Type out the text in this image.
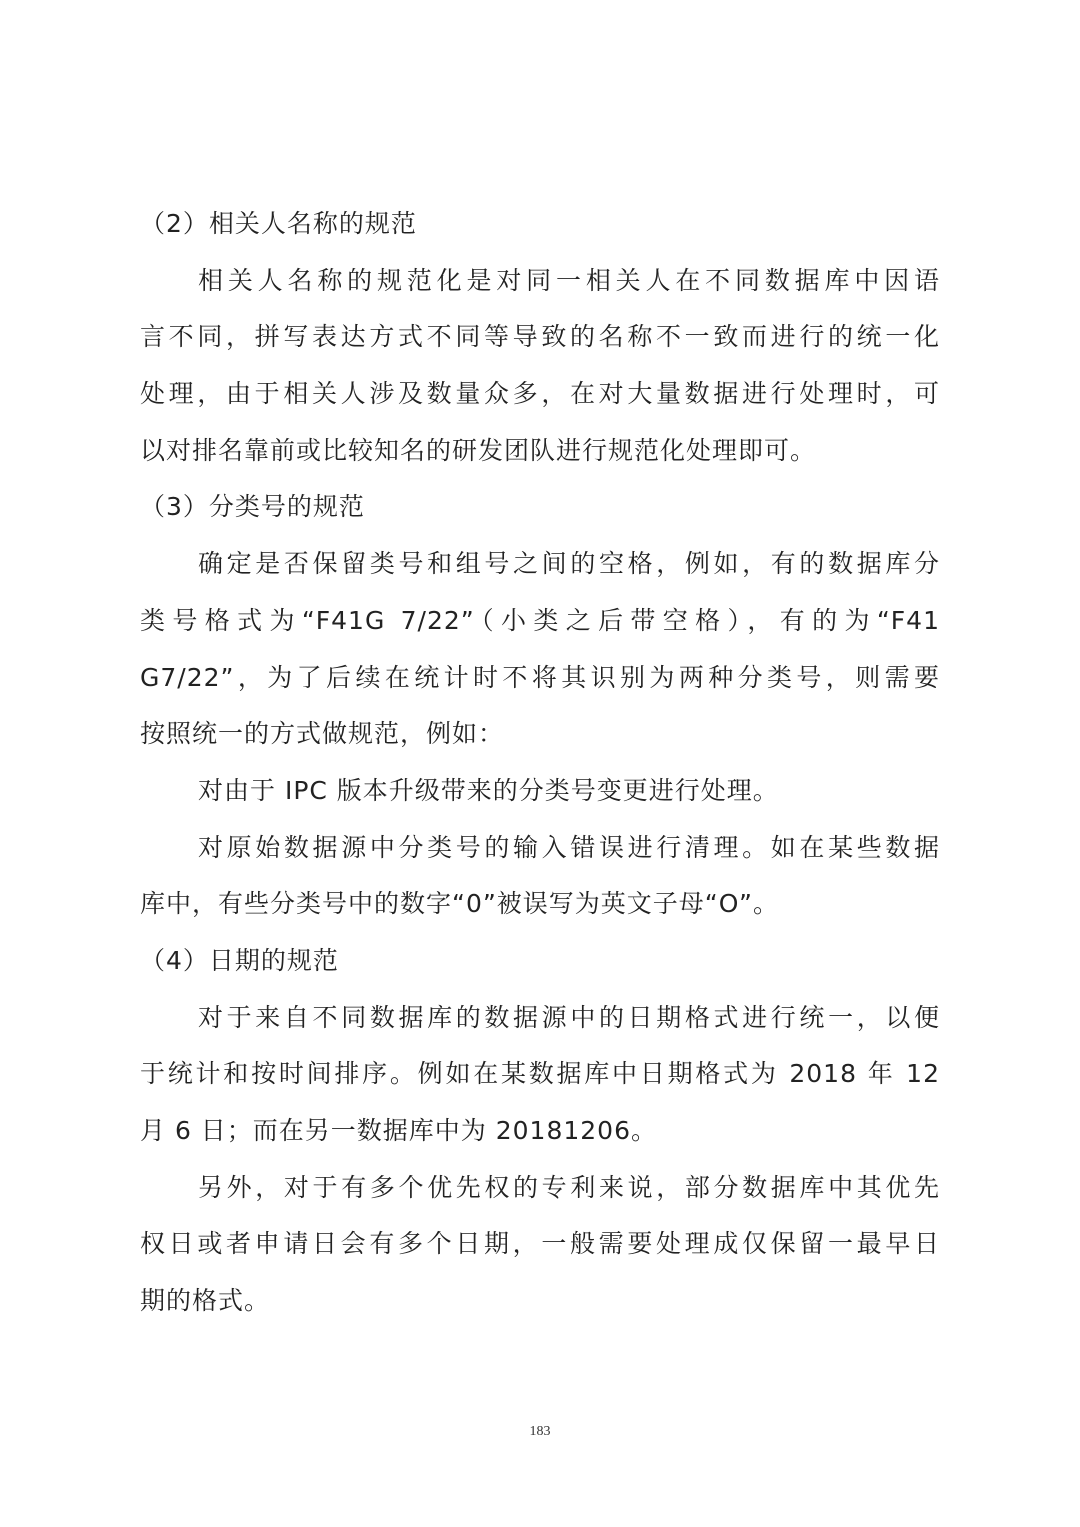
（2）相关人名称的规范
相关人名称的规范化是对同一相关人在不同数据库中因语
言不同，拼写表达方式不同等导致的名称不一致而进行的统一化
处理，由于相关人涉及数量众多，在对大量数据进行处理时，可
以对排名靠前或比较知名的研发团队进行规范化处理即可。
（3）分类号的规范
确定是否保留类号和组号之间的空格，例如，有的数据库分
类号格式为“F41G 7/22”（小类之后带空格），有的为“F41
G7/22”，为了后续在统计时不将其识别为两种分类号，则需要
按照统一的方式做规范，例如：
对由于 IPC 版本升级带来的分类号变更进行处理。
对原始数据源中分类号的输入错误进行清理。如在某些数据
库中，有些分类号中的数字“0”被误写为英文子母“O”。
（4）日期的规范
对于来自不同数据库的数据源中的日期格式进行统一，以便
于统计和按时间排序。例如在某数据库中日期格式为 2018 年 12
月 6 日；而在另一数据库中为 20181206。
另外，对于有多个优先权的专利来说，部分数据库中其优先
权日或者申请日会有多个日期，一般需要处理成仅保留一最早日
期的格式。
183
